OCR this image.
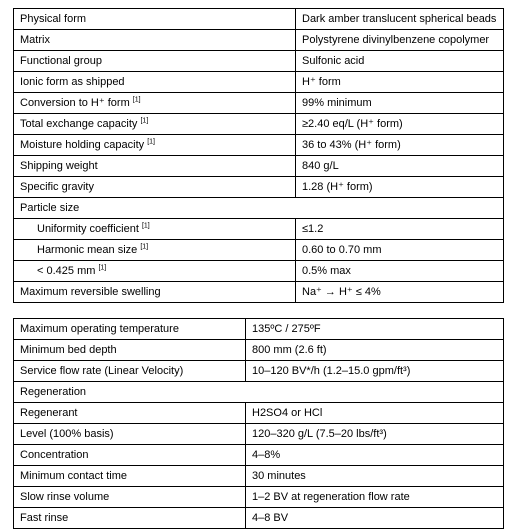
Physical form	Dark amber translucent spherical beads
Matrix	Polystyrene divinylbenzene copolymer
Functional group	Sulfonic acid
Ionic form as shipped	H⁺ form
Conversion to H⁺ form [1]	99% minimum
Total exchange capacity [1]	≥2.40 eq/L (H⁺ form)
Moisture holding capacity [1]	36 to 43% (H⁺ form)
Shipping weight	840 g/L
Specific gravity	1.28 (H⁺ form)
Particle size	
Uniformity coefficient [1]	≤1.2
Harmonic mean size [1]	0.60 to 0.70 mm
< 0.425 mm [1]	0.5% max
Maximum reversible swelling	Na⁺ → H⁺ ≤ 4%
Maximum operating temperature	135ºC / 275ºF
Minimum bed depth	800 mm (2.6 ft)
Service flow rate (Linear Velocity)	10–120 BV*/h (1.2–15.0 gpm/ft³)
Regeneration	
Regenerant	H2SO4 or HCl
Level (100% basis)	120–320 g/L (7.5–20 lbs/ft³)
Concentration	4–8%
Minimum contact time	30 minutes
Slow rinse volume	1–2 BV at regeneration flow rate
Fast rinse	4–8 BV
